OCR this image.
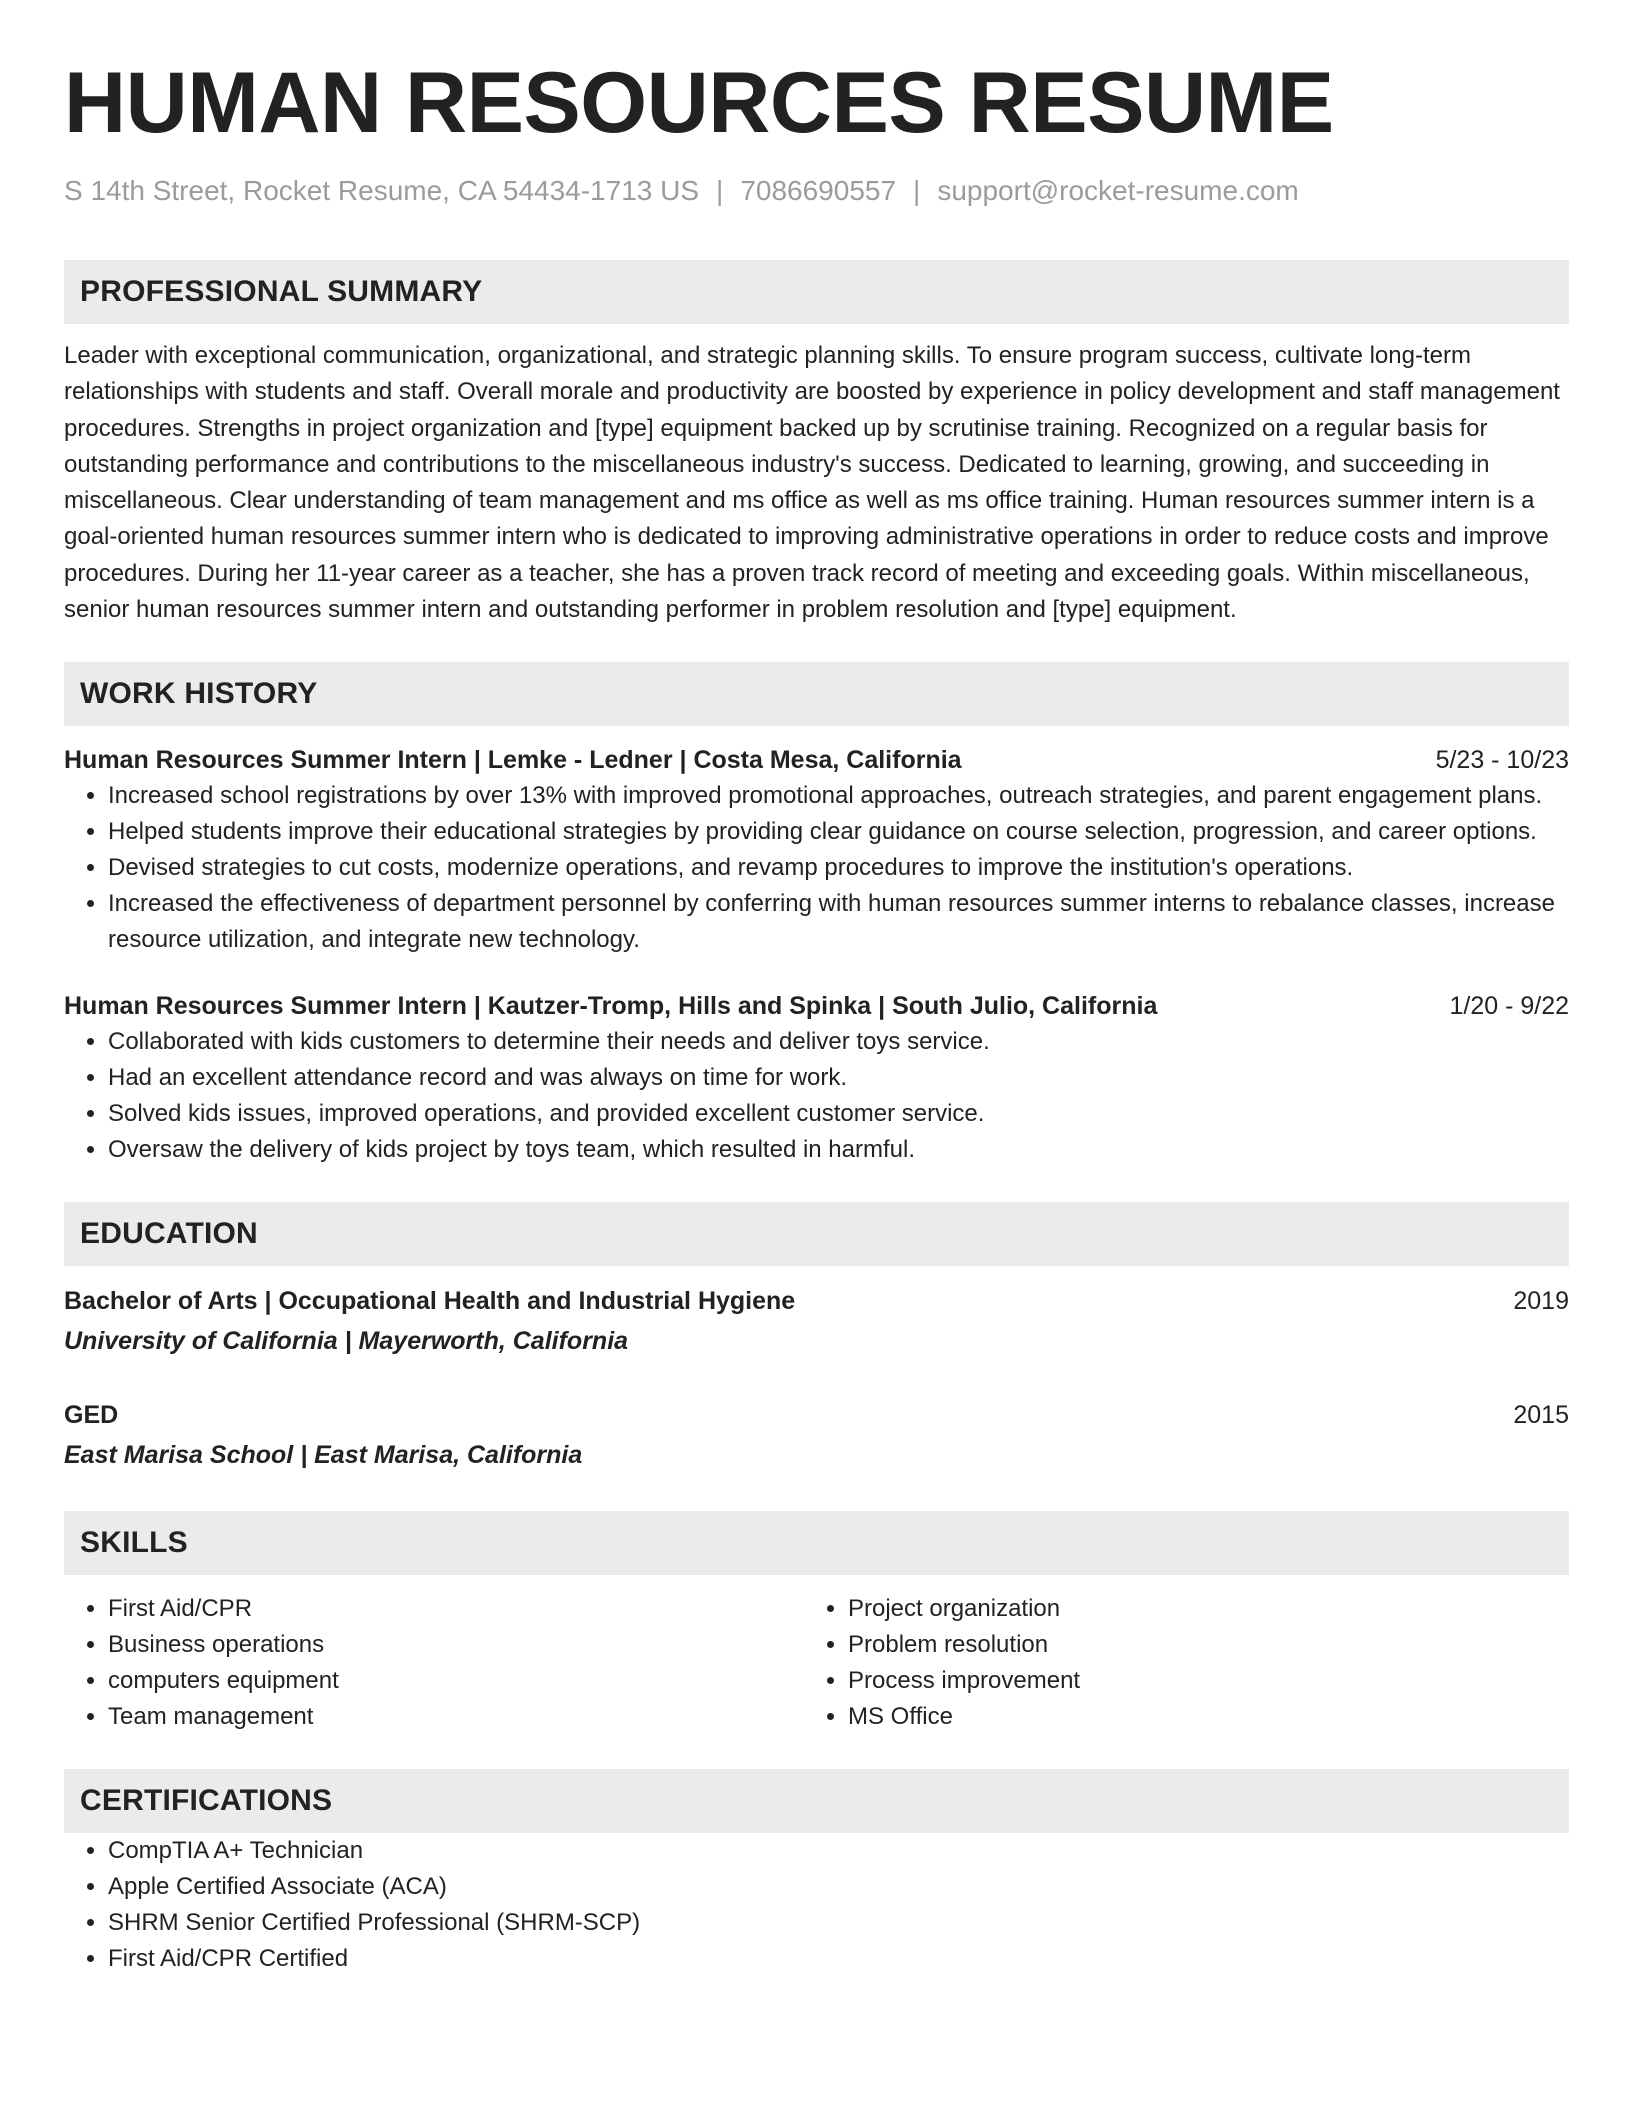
HUMAN RESOURCES RESUME
S 14th Street, Rocket Resume, CA 54434-1713 US | 7086690557 | support@rocket-resume.com
PROFESSIONAL SUMMARY
Leader with exceptional communication, organizational, and strategic planning skills. To ensure program success, cultivate long-term relationships with students and staff. Overall morale and productivity are boosted by experience in policy development and staff management procedures. Strengths in project organization and [type] equipment backed up by scrutinise training. Recognized on a regular basis for outstanding performance and contributions to the miscellaneous industry's success. Dedicated to learning, growing, and succeeding in miscellaneous. Clear understanding of team management and ms office as well as ms office training. Human resources summer intern is a goal-oriented human resources summer intern who is dedicated to improving administrative operations in order to reduce costs and improve procedures. During her 11-year career as a teacher, she has a proven track record of meeting and exceeding goals. Within miscellaneous, senior human resources summer intern and outstanding performer in problem resolution and [type] equipment.
WORK HISTORY
Human Resources Summer Intern | Lemke - Ledner | Costa Mesa, California	5/23 - 10/23
• Increased school registrations by over 13% with improved promotional approaches, outreach strategies, and parent engagement plans.
• Helped students improve their educational strategies by providing clear guidance on course selection, progression, and career options.
• Devised strategies to cut costs, modernize operations, and revamp procedures to improve the institution's operations.
• Increased the effectiveness of department personnel by conferring with human resources summer interns to rebalance classes, increase resource utilization, and integrate new technology.
Human Resources Summer Intern | Kautzer-Tromp, Hills and Spinka | South Julio, California	1/20 - 9/22
• Collaborated with kids customers to determine their needs and deliver toys service.
• Had an excellent attendance record and was always on time for work.
• Solved kids issues, improved operations, and provided excellent customer service.
• Oversaw the delivery of kids project by toys team, which resulted in harmful.
EDUCATION
Bachelor of Arts | Occupational Health and Industrial Hygiene	2019
University of California | Mayerworth, California
GED	2015
East Marisa School | East Marisa, California
SKILLS
• First Aid/CPR
• Business operations
• computers equipment
• Team management
• Project organization
• Problem resolution
• Process improvement
• MS Office
CERTIFICATIONS
• CompTIA A+ Technician
• Apple Certified Associate (ACA)
• SHRM Senior Certified Professional (SHRM-SCP)
• First Aid/CPR Certified
